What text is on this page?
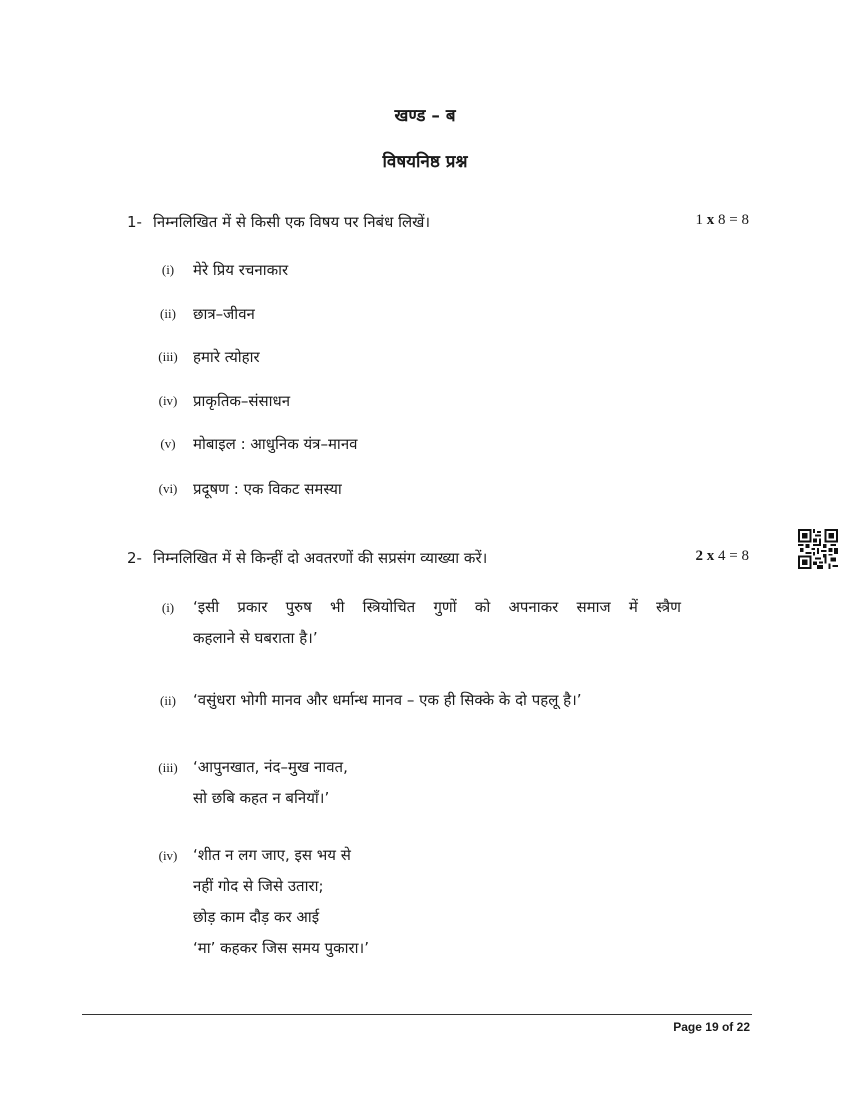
खण्ड – ब
विषयनिष्ठ प्रश्न
1- निम्नलिखित में से किसी एक विषय पर निबंध लिखें।	1 x 8 = 8
(i)	मेरे प्रिय रचनाकार
(ii)	छात्र–जीवन
(iii)	हमारे त्योहार
(iv)	प्राकृतिक–संसाधन
(v)	मोबाइल : आधुनिक यंत्र–मानव
(vi)	प्रदूषण : एक विकट समस्या
2- निम्नलिखित में से किन्हीं दो अवतरणों की सप्रसंग व्याख्या करें।	2 x 4 = 8
(i)	‘इसी प्रकार पुरुष भी स्त्रियोचित गुणों को अपनाकर समाज में स्त्रैण
कहलाने से घबराता है।’
(ii)	‘वसुंधरा भोगी मानव और धर्मान्ध मानव – एक ही सिक्के के दो पहलू है।’
(iii)	‘आपुनखात, नंद–मुख नावत,
सो छबि कहत न बनियाँ।’
(iv)	‘शीत न लग जाए, इस भय से
नहीं गोद से जिसे उतारा;
छोड़ काम दौड़ कर आई
‘मा’ कहकर जिस समय पुकारा।’
Page 19 of 22
